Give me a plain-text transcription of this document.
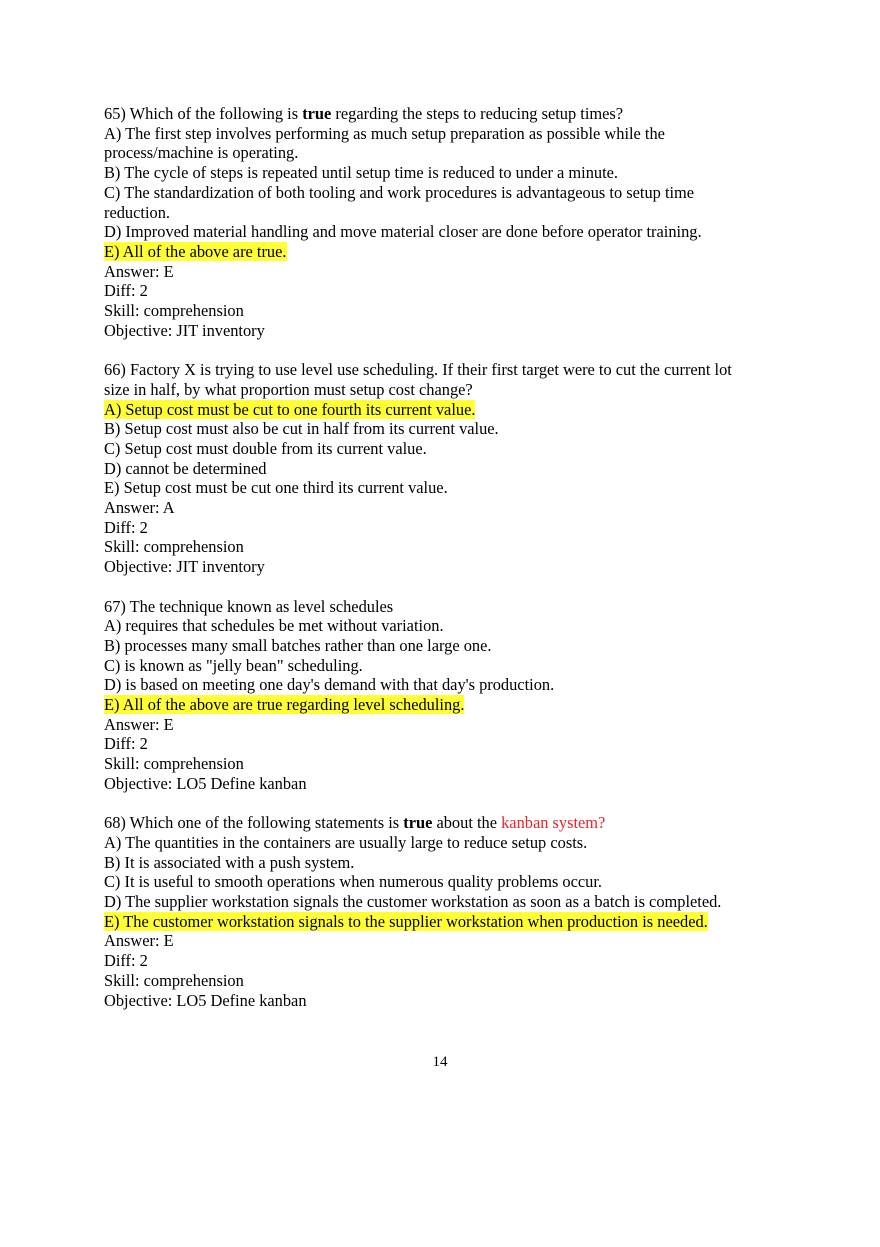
65) Which of the following is true regarding the steps to reducing setup times?
A) The first step involves performing as much setup preparation as possible while the process/machine is operating.
B) The cycle of steps is repeated until setup time is reduced to under a minute.
C) The standardization of both tooling and work procedures is advantageous to setup time reduction.
D) Improved material handling and move material closer are done before operator training.
E) All of the above are true.
Answer: E
Diff: 2
Skill: comprehension
Objective: JIT inventory
66) Factory X is trying to use level use scheduling. If their first target were to cut the current lot
size in half, by what proportion must setup cost change?
A) Setup cost must be cut to one fourth its current value.
B) Setup cost must also be cut in half from its current value.
C) Setup cost must double from its current value.
D) cannot be determined
E) Setup cost must be cut one third its current value.
Answer: A
Diff: 2
Skill: comprehension
Objective: JIT inventory
67) The technique known as level schedules
A) requires that schedules be met without variation.
B) processes many small batches rather than one large one.
C) is known as "jelly bean" scheduling.
D) is based on meeting one day's demand with that day's production.
E) All of the above are true regarding level scheduling.
Answer: E
Diff: 2
Skill: comprehension
Objective: LO5 Define kanban
68) Which one of the following statements is true about the kanban system?
A) The quantities in the containers are usually large to reduce setup costs.
B) It is associated with a push system.
C) It is useful to smooth operations when numerous quality problems occur.
D) The supplier workstation signals the customer workstation as soon as a batch is completed.
E) The customer workstation signals to the supplier workstation when production is needed.
Answer: E
Diff: 2
Skill: comprehension
Objective: LO5 Define kanban
14
